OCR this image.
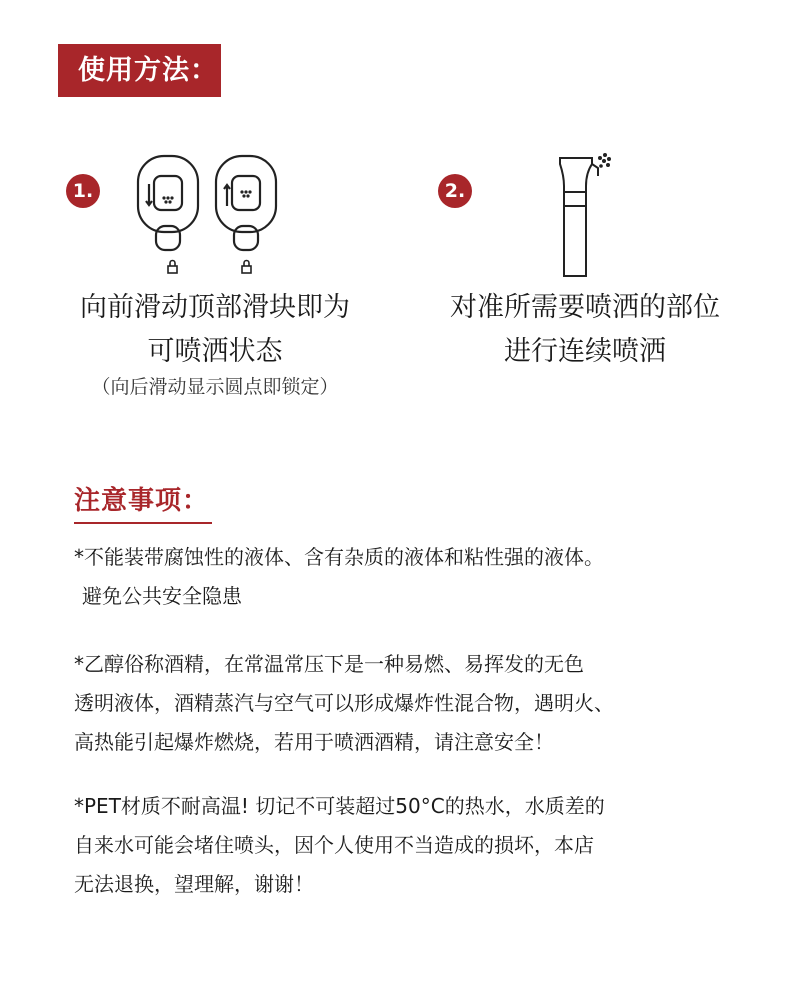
使用方法：
1.
向前滑动顶部滑块即为
可喷洒状态
（向后滑动显示圆点即锁定）
2.
对准所需要喷洒的部位
进行连续喷洒
注意事项：
*不能装带腐蚀性的液体、含有杂质的液体和粘性强的液体。
避免公共安全隐患
*乙醇俗称酒精，在常温常压下是一种易燃、易挥发的无色
透明液体，酒精蒸汽与空气可以形成爆炸性混合物，遇明火、
高热能引起爆炸燃烧，若用于喷洒酒精，请注意安全！
*PET材质不耐高温! 切记不可装超过50°C的热水，水质差的
自来水可能会堵住喷头，因个人使用不当造成的损坏，本店
无法退换，望理解，谢谢！
